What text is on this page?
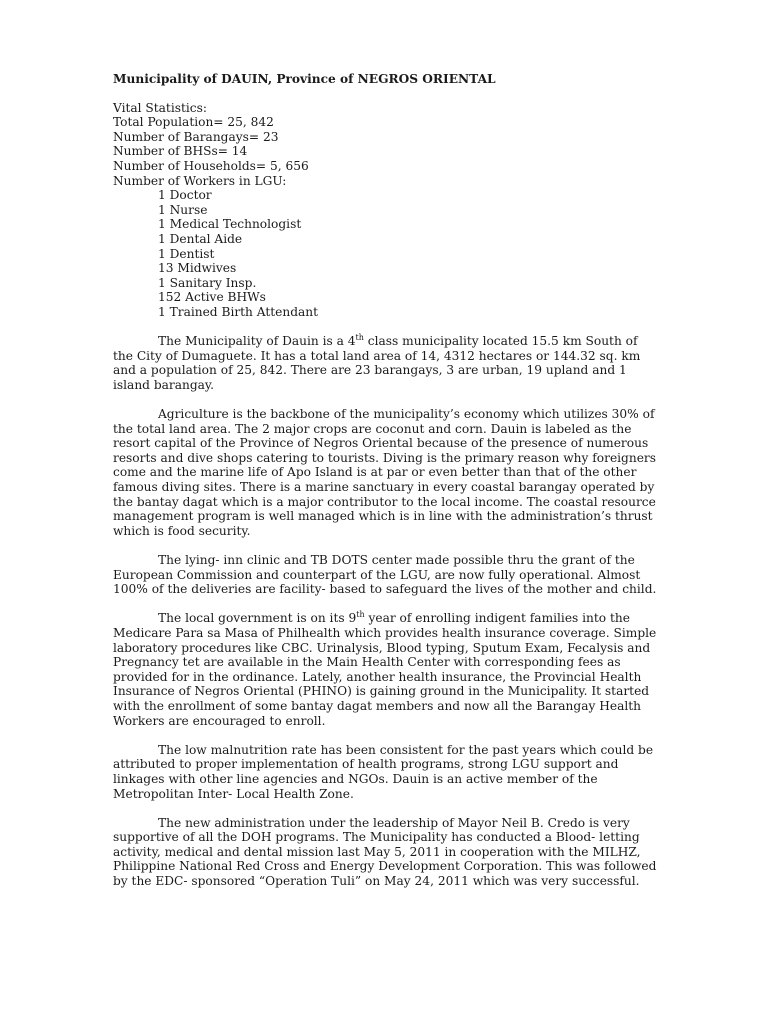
Municipality of DAUIN, Province of NEGROS ORIENTAL
Vital Statistics:
Total Population= 25, 842
Number of Barangays= 23
Number of BHSs= 14
Number of Households= 5, 656
Number of Workers in LGU:
1 Doctor
1 Nurse
1 Medical Technologist
1 Dental Aide
1 Dentist
13 Midwives
1 Sanitary Insp.
152 Active BHWs
1 Trained Birth Attendant

The Municipality of Dauin is a 4th class municipality located 15.5 km South of the City of Dumaguete. It has a total land area of 14, 4312 hectares or 144.32 sq. km and a population of 25, 842. There are 23 barangays, 3 are urban, 19 upland and 1 island barangay.

Agriculture is the backbone of the municipality’s economy which utilizes 30% of the total land area. The 2 major crops are coconut and corn. Dauin is labeled as the resort capital of the Province of Negros Oriental because of the presence of numerous resorts and dive shops catering to tourists. Diving is the primary reason why foreigners come and the marine life of Apo Island is at par or even better than that of the other famous diving sites. There is a marine sanctuary in every coastal barangay operated by the bantay dagat which is a major contributor to the local income. The coastal resource management program is well managed which is in line with the administration’s thrust which is food security.

The lying- inn clinic and TB DOTS center made possible thru the grant of the European Commission and counterpart of the LGU, are now fully operational. Almost 100% of the deliveries are facility- based to safeguard the lives of the mother and child.

The local government is on its 9th year of enrolling indigent families into the Medicare Para sa Masa of Philhealth which provides health insurance coverage. Simple laboratory procedures like CBC. Urinalysis, Blood typing, Sputum Exam, Fecalysis and Pregnancy tet are available in the Main Health Center with corresponding fees as provided for in the ordinance. Lately, another health insurance, the Provincial Health Insurance of Negros Oriental (PHINO) is gaining ground in the Municipality. It started with the enrollment of some bantay dagat members and now all the Barangay Health Workers are encouraged to enroll.

The low malnutrition rate has been consistent for the past years which could be attributed to proper implementation of health programs, strong LGU support and linkages with other line agencies and NGOs. Dauin is an active member of the Metropolitan Inter- Local Health Zone.

The new administration under the leadership of Mayor Neil B. Credo is very supportive of all the DOH programs. The Municipality has conducted a Blood- letting activity, medical and dental mission last May 5, 2011 in cooperation with the MILHZ, Philippine National Red Cross and Energy Development Corporation. This was followed by the EDC- sponsored “Operation Tuli” on May 24, 2011 which was very successful.
